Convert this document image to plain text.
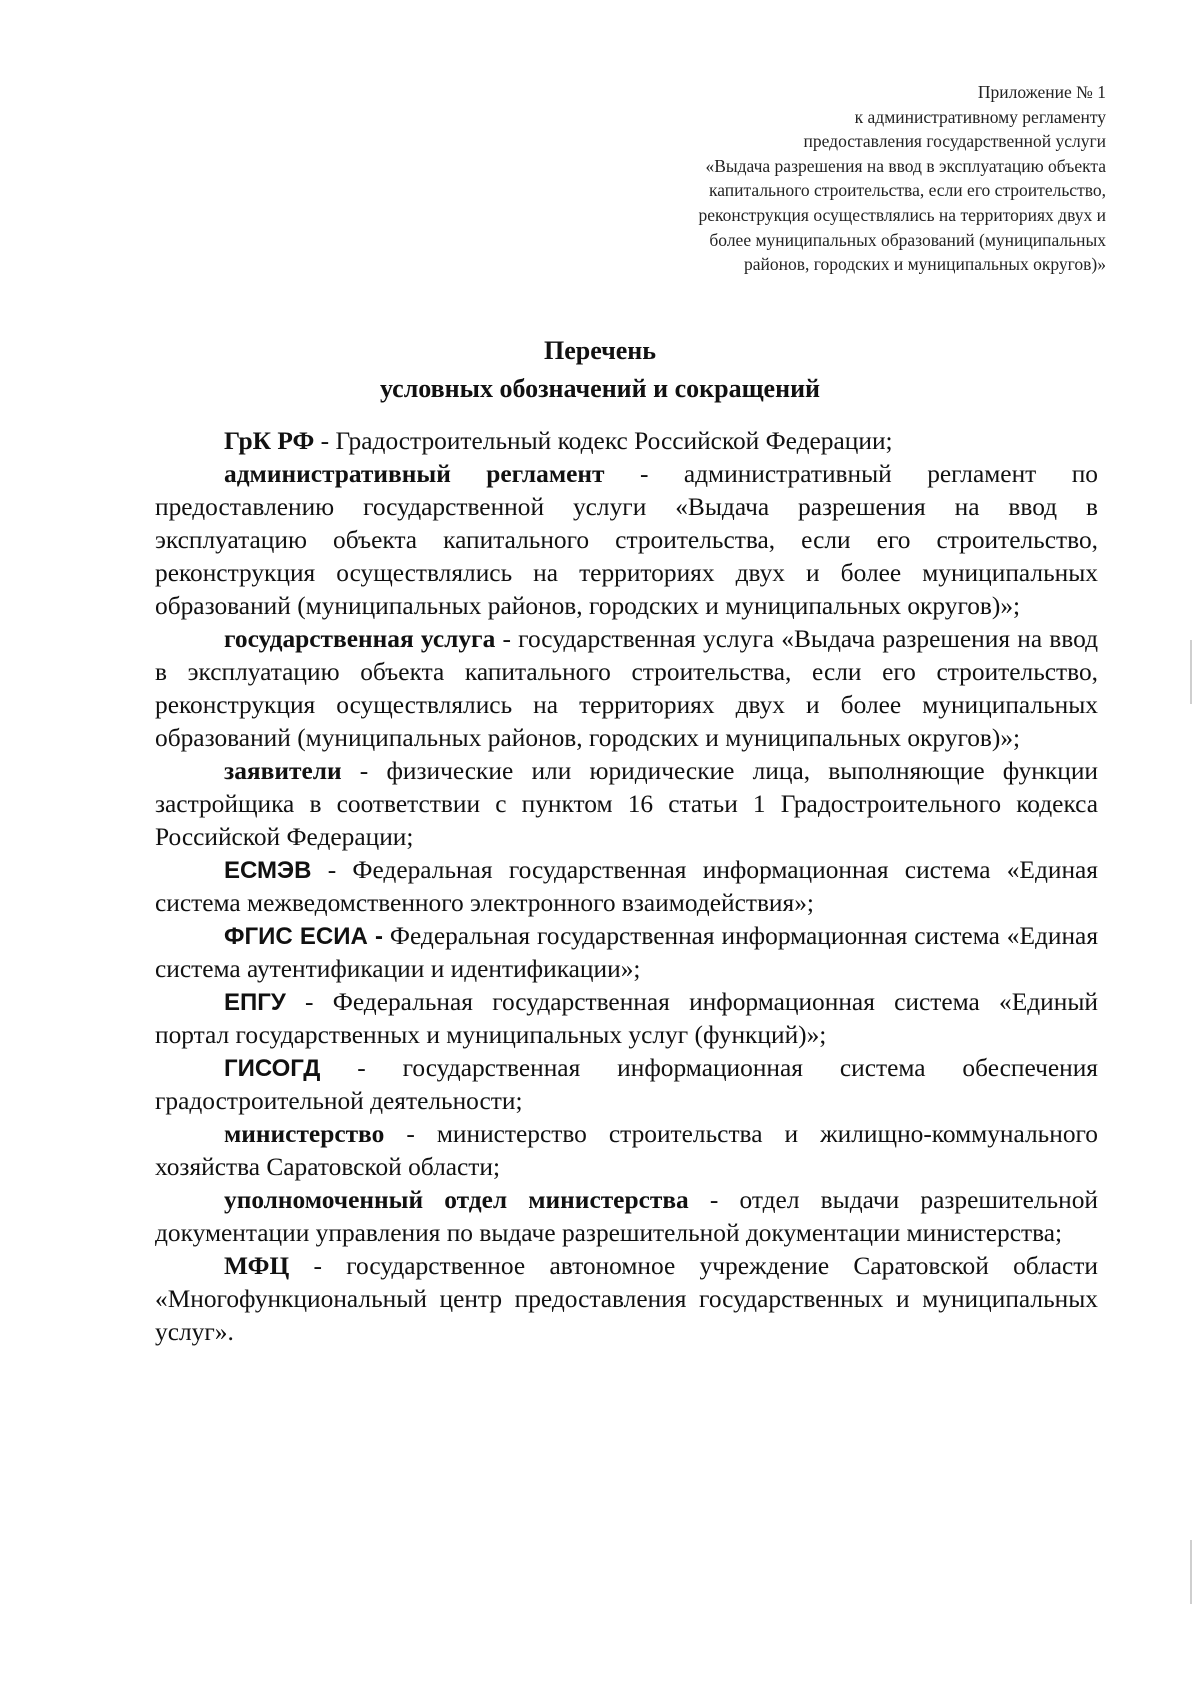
Приложение № 1
к административному регламенту
предоставления государственной услуги
«Выдача разрешения на ввод в эксплуатацию объекта
капитального строительства, если его строительство,
реконструкция осуществлялись на территориях двух и
более муниципальных образований (муниципальных
районов, городских и муниципальных округов)»
Перечень
условных обозначений и сокращений

ГрК РФ - Градостроительный кодекс Российской Федерации;

административный регламент - административный регламент по предоставлению государственной услуги «Выдача разрешения на ввод в эксплуатацию объекта капитального строительства, если его строительство, реконструкция осуществлялись на территориях двух и более муниципальных образований (муниципальных районов, городских и муниципальных округов)»;

государственная услуга - государственная услуга «Выдача разрешения на ввод в эксплуатацию объекта капитального строительства, если его строительство, реконструкция осуществлялись на территориях двух и более муниципальных образований (муниципальных районов, городских и муниципальных округов)»;

заявители - физические или юридические лица, выполняющие функции застройщика в соответствии с пунктом 16 статьи 1 Градостроительного кодекса Российской Федерации;

ЕСМЭВ - Федеральная государственная информационная система «Единая система межведомственного электронного взаимодействия»;

ФГИС ЕСИА - Федеральная государственная информационная система «Единая система аутентификации и идентификации»;

ЕПГУ - Федеральная государственная информационная система «Единый портал государственных и муниципальных услуг (функций)»;

ГИСОГД - государственная информационная система обеспечения градостроительной деятельности;

министерство - министерство строительства и жилищно-коммунального хозяйства Саратовской области;

уполномоченный отдел министерства - отдел выдачи разрешительной документации управления по выдаче разрешительной документации министерства;

МФЦ - государственное автономное учреждение Саратовской области «Многофункциональный центр предоставления государственных и муниципальных услуг».
